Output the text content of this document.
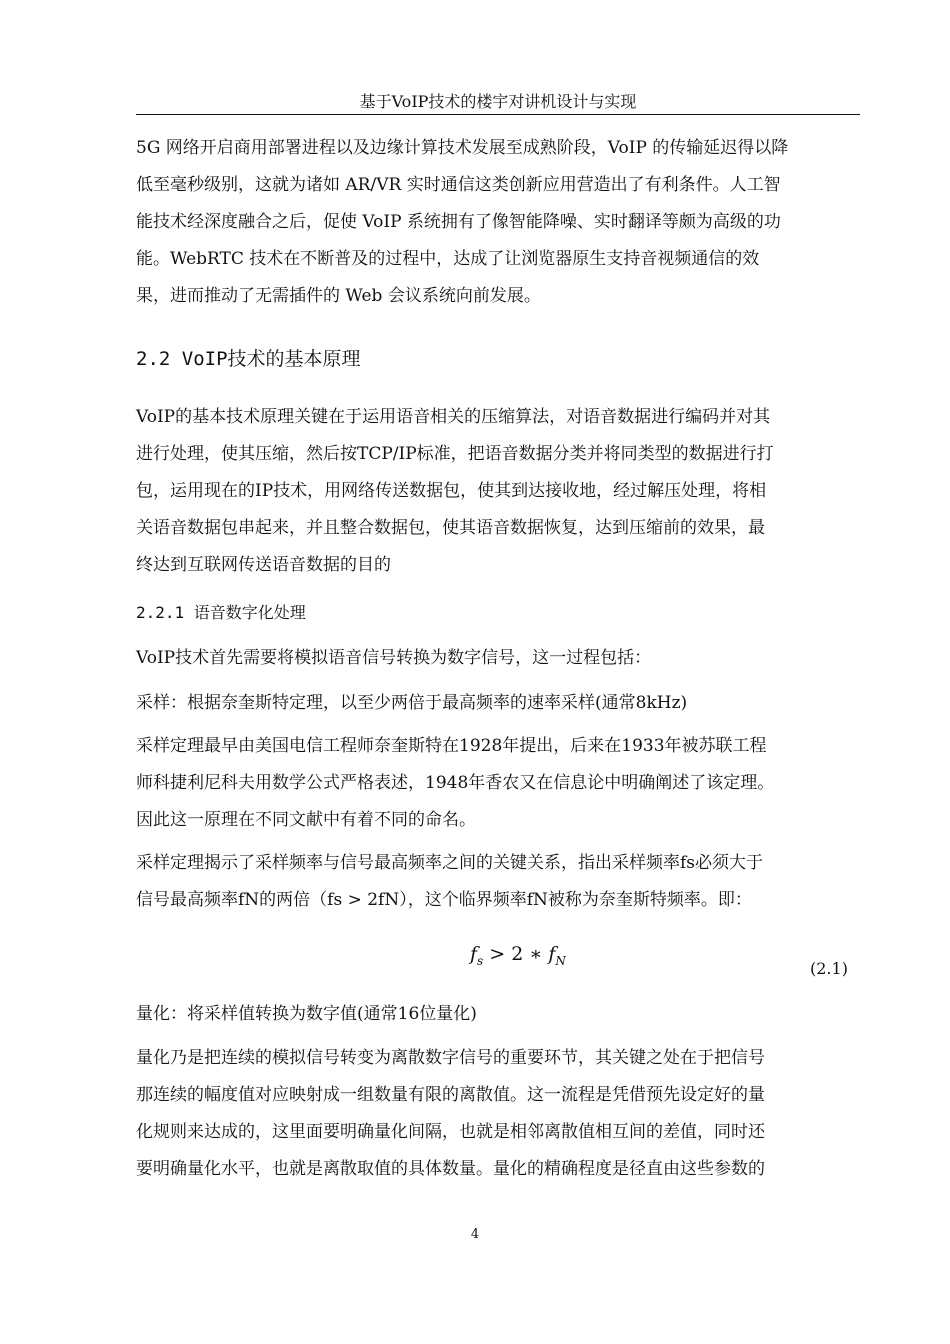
基于VoIP技术的楼宇对讲机设计与实现
5G 网络开启商用部署进程以及边缘计算技术发展至成熟阶段，VoIP 的传输延迟得以降
低至毫秒级别，这就为诸如 AR/VR 实时通信这类创新应用营造出了有利条件。人工智
能技术经深度融合之后，促使 VoIP 系统拥有了像智能降噪、实时翻译等颇为高级的功
能。WebRTC 技术在不断普及的过程中，达成了让浏览器原生支持音视频通信的效
果，进而推动了无需插件的 Web 会议系统向前发展。
2.2 VoIP技术的基本原理
VoIP的基本技术原理关键在于运用语音相关的压缩算法，对语音数据进行编码并对其
进行处理，使其压缩，然后按TCP/IP标准，把语音数据分类并将同类型的数据进行打
包，运用现在的IP技术，用网络传送数据包，使其到达接收地，经过解压处理，将相
关语音数据包串起来，并且整合数据包，使其语音数据恢复，达到压缩前的效果，最
终达到互联网传送语音数据的目的
2.2.1 语音数字化处理
VoIP技术首先需要将模拟语音信号转换为数字信号，这一过程包括：
采样：根据奈奎斯特定理，以至少两倍于最高频率的速率采样(通常8kHz)
采样定理最早由美国电信工程师奈奎斯特在1928年提出，后来在1933年被苏联工程
师科捷利尼科夫用数学公式严格表述，1948年香农又在信息论中明确阐述了该定理。
因此这一原理在不同文献中有着不同的命名。
采样定理揭示了采样频率与信号最高频率之间的关键关系，指出采样频率fs必须大于
信号最高频率fN的两倍（fs > 2fN），这个临界频率fN被称为奈奎斯特频率。即：
$f_s > 2$ ∗ $f_N$	(2.1)
量化：将采样值转换为数字值(通常16位量化)
量化乃是把连续的模拟信号转变为离散数字信号的重要环节，其关键之处在于把信号
那连续的幅度值对应映射成一组数量有限的离散值。这一流程是凭借预先设定好的量
化规则来达成的，这里面要明确量化间隔，也就是相邻离散值相互间的差值，同时还
要明确量化水平，也就是离散取值的具体数量。量化的精确程度是径直由这些参数的
4
